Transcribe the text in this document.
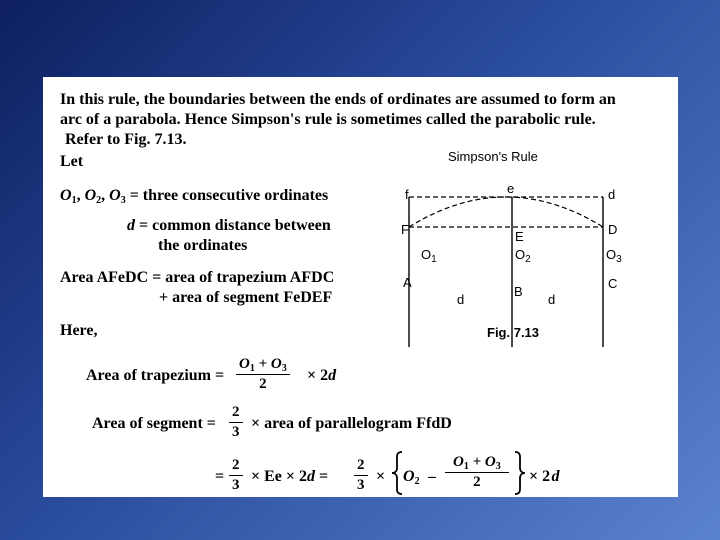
In this rule, the boundaries between the ends of ordinates are assumed to form an
arc of a parabola. Hence Simpson's rule is sometimes called the parabolic rule.
Refer to Fig. 7.13.
Let
$O_1$, $O_2$, $O_3$ = three consecutive ordinates
d = common distance between
the ordinates
Area AFeDC = area of trapezium AFDC
+ area of segment FeDEF
Here,
Area of trapezium = $\frac{O_1 + O_3}{2} \times 2d$
Area of segment = $\frac{2}{3}$ × area of parallelogram FfdD
= $\frac{2}{3} \times Ee \times 2d = \frac{2}{3} \times O_2 - \frac{O_1 + O_3}{2} \times 2$ d
Simpson's Rule
f	e	d
F	E	D
$O_1$	$O_2$	$O_3$
A
B
C
d	d
Fig. 7.13
